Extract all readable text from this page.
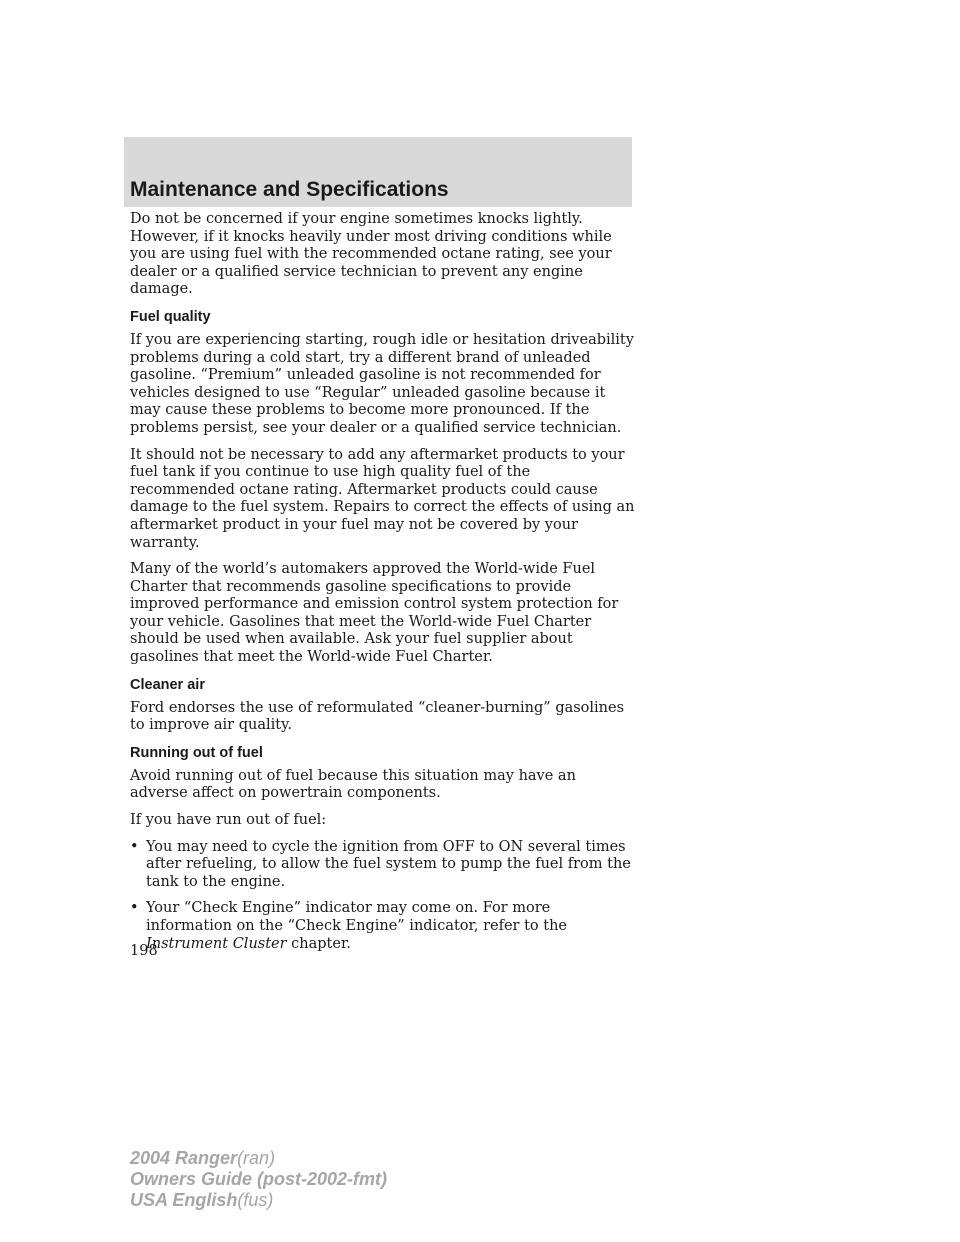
Maintenance and Specifications

Do not be concerned if your engine sometimes knocks lightly. However, if it knocks heavily under most driving conditions while you are using fuel with the recommended octane rating, see your dealer or a qualified service technician to prevent any engine damage.

Fuel quality

If you are experiencing starting, rough idle or hesitation driveability problems during a cold start, try a different brand of unleaded gasoline. “Premium” unleaded gasoline is not recommended for vehicles designed to use “Regular” unleaded gasoline because it may cause these problems to become more pronounced. If the problems persist, see your dealer or a qualified service technician.

It should not be necessary to add any aftermarket products to your fuel tank if you continue to use high quality fuel of the recommended octane rating. Aftermarket products could cause damage to the fuel system. Repairs to correct the effects of using an aftermarket product in your fuel may not be covered by your warranty.

Many of the world’s automakers approved the World-wide Fuel Charter that recommends gasoline specifications to provide improved performance and emission control system protection for your vehicle. Gasolines that meet the World-wide Fuel Charter should be used when available. Ask your fuel supplier about gasolines that meet the World-wide Fuel Charter.

Cleaner air

Ford endorses the use of reformulated “cleaner-burning” gasolines to improve air quality.

Running out of fuel

Avoid running out of fuel because this situation may have an adverse affect on powertrain components.

If you have run out of fuel:

• You may need to cycle the ignition from OFF to ON several times after refueling, to allow the fuel system to pump the fuel from the tank to the engine.
• Your “Check Engine” indicator may come on. For more information on the “Check Engine” indicator, refer to the Instrument Cluster chapter.

198

2004 Ranger(ran)
Owners Guide (post-2002-fmt)
USA English(fus)
